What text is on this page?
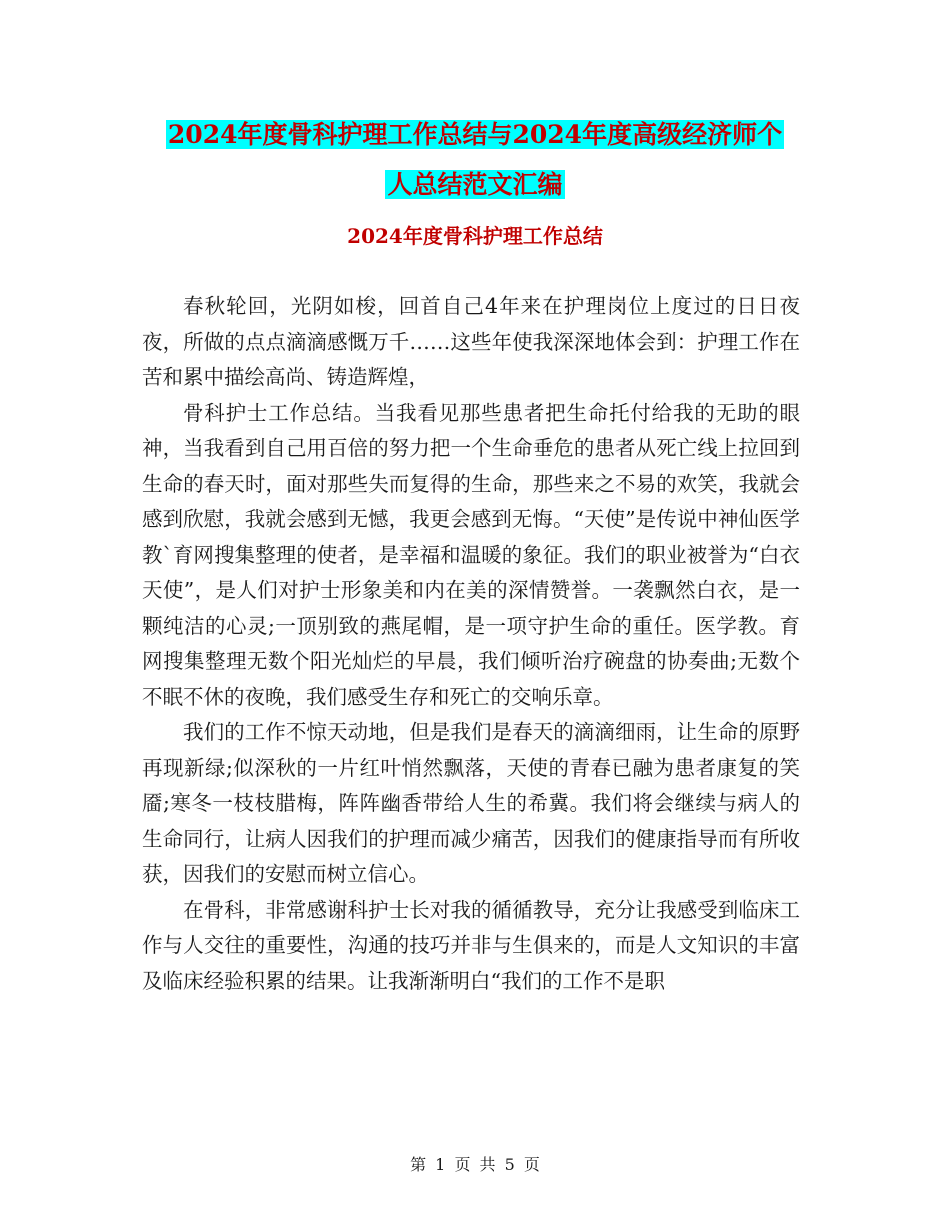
2024年度骨科护理工作总结与2024年度高级经济师个
人总结范文汇编
2024年度骨科护理工作总结

春秋轮回，光阴如梭，回首自己4年来在护理岗位上度过的日日夜夜，所做的点点滴滴感慨万千……这些年使我深深地体会到：护理工作在苦和累中描绘高尚、铸造辉煌，

骨科护士工作总结。当我看见那些患者把生命托付给我的无助的眼神，当我看到自己用百倍的努力把一个生命垂危的患者从死亡线上拉回到生命的春天时，面对那些失而复得的生命，那些来之不易的欢笑，我就会感到欣慰，我就会感到无憾，我更会感到无悔。“天使”是传说中神仙医学教`育网搜集整理的使者，是幸福和温暖的象征。我们的职业被誉为“白衣天使”，是人们对护士形象美和内在美的深情赞誉。一袭飘然白衣，是一颗纯洁的心灵;一顶别致的燕尾帽，是一项守护生命的重任。医学教。育网搜集整理无数个阳光灿烂的早晨，我们倾听治疗碗盘的协奏曲;无数个不眠不休的夜晚，我们感受生存和死亡的交响乐章。

我们的工作不惊天动地，但是我们是春天的滴滴细雨，让生命的原野再现新绿;似深秋的一片红叶悄然飘落，天使的青春已融为患者康复的笑靥;寒冬一枝枝腊梅，阵阵幽香带给人生的希冀。我们将会继续与病人的生命同行，让病人因我们的护理而减少痛苦，因我们的健康指导而有所收获，因我们的安慰而树立信心。

在骨科，非常感谢科护士长对我的循循教导，充分让我感受到临床工作与人交往的重要性，沟通的技巧并非与生俱来的，而是人文知识的丰富及临床经验积累的结果。让我渐渐明白“我们的工作不是职

第 1 页 共 5 页
